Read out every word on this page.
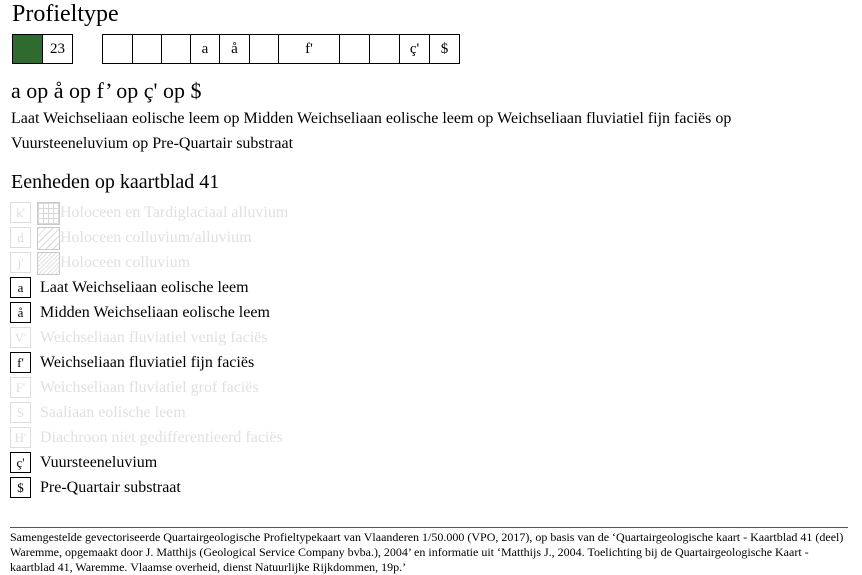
Profieltype
23	a	å	f'	ç'	$
a op å op f’ op ç' op $
Laat Weichseliaan eolische leem op Midden Weichseliaan eolische leem op Weichseliaan fluviatiel fijn faciës op Vuursteeneluvium op Pre-Quartair substraat
Eenheden op kaartblad 41
k'	Holoceen en Tardiglaciaal alluvium
d	Holoceen colluvium/alluvium
j'	Holoceen colluvium
a	Laat Weichseliaan eolische leem
å	Midden Weichseliaan eolische leem
V' Weichseliaan fluviatiel venig faciës
f'	Weichseliaan fluviatiel fijn faciës
F' Weichseliaan fluviatiel grof faciës
S Saaliaan eolische leem
H' Diachroon niet gedifferentieerd faciës
ç' Vuursteeneluvium
$	Pre-Quartair substraat
Samengestelde gevectoriseerde Quartairgeologische Profieltypekaart van Vlaanderen 1/50.000 (VPO, 2017), op basis van de ‘Quartairgeologische kaart - Kaartblad 41 (deel) Waremme, opgemaakt door J. Matthijs (Geological Service Company bvba.), 2004’ en informatie uit ‘Matthijs J., 2004. Toelichting bij de Quartairgeologische Kaart - kaartblad 41, Waremme. Vlaamse overheid, dienst Natuurlijke Rijkdommen, 19p.’
